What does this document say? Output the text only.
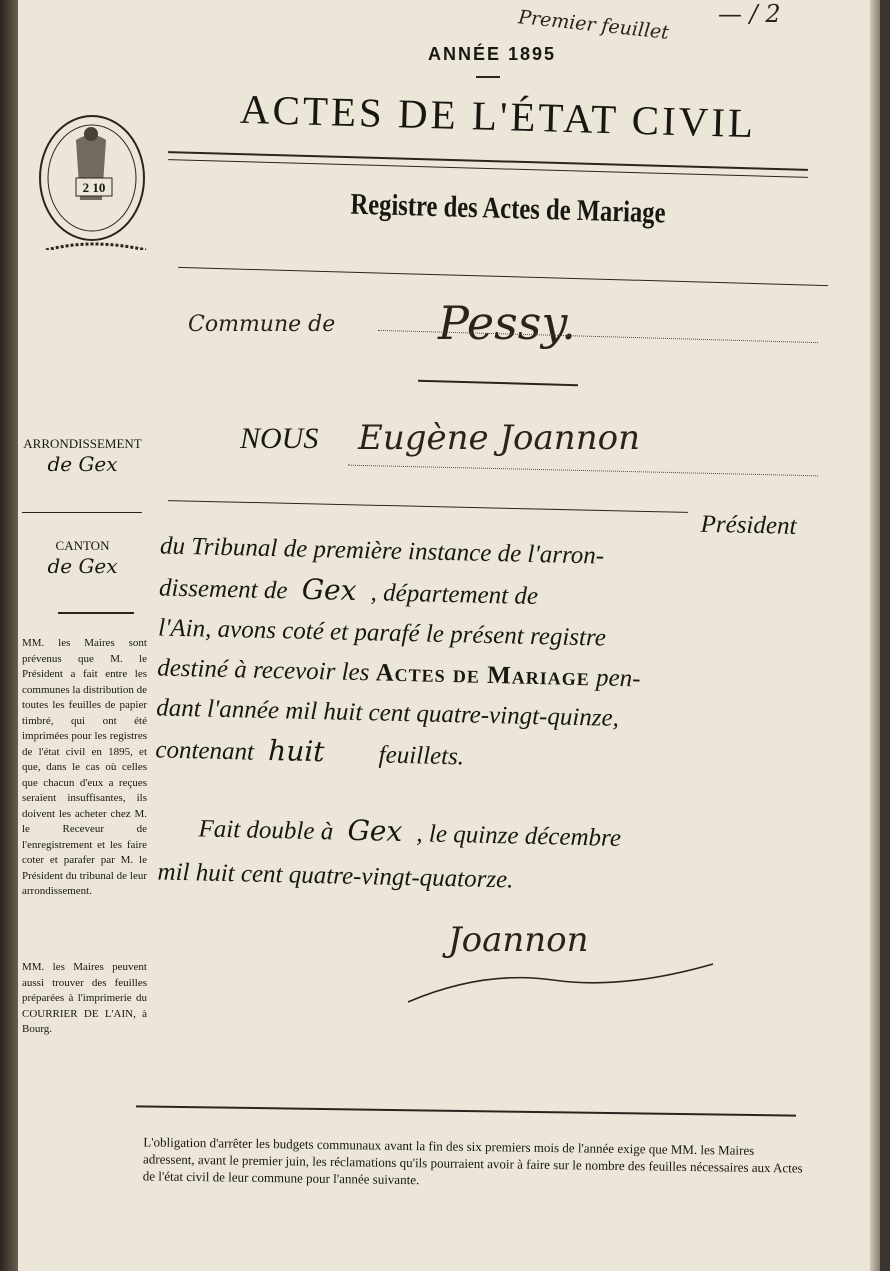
Premier feuillet — / 2
ANNÉE 1895
ACTES DE L'ÉTAT CIVIL
Registre des Actes de Mariage
2 10
Commune de Pessy.
ARRONDISSEMENT
de Gex
CANTON
de Gex
MM. les Maires sont prévenus que M. le Président a fait entre les communes la distribution de toutes les feuilles de papier timbré, qui ont été imprimées pour les registres de l'état civil en 1895, et que, dans le cas où celles que chacun d'eux a reçues seraient insuffisantes, ils doivent les acheter chez M. le Receveur de l'enregistrement et les faire coter et parafer par M. le Président du tribunal de leur arrondissement.
MM. les Maires peuvent aussi trouver des feuilles préparées à l'imprimerie du COURRIER DE L'AIN, à Bourg.
NOUS Eugène Joannon
Président
du Tribunal de première instance de l'arron-
dissement de Gex , département de
l'Ain, avons coté et parafé le présent registre
destiné à recevoir les Actes de Mariage pen-
dant l'année mil huit cent quatre-vingt-quinze,
contenant huit feuillets.
Fait double à Gex , le quinze décembre
mil huit cent quatre-vingt-quatorze.
Joannon
L'obligation d'arrêter les budgets communaux avant la fin des six premiers mois de l'année exige que MM. les Maires adressent, avant le premier juin, les réclamations qu'ils pourraient avoir à faire sur le nombre des feuilles nécessaires aux Actes de l'état civil de leur commune pour l'année suivante.
